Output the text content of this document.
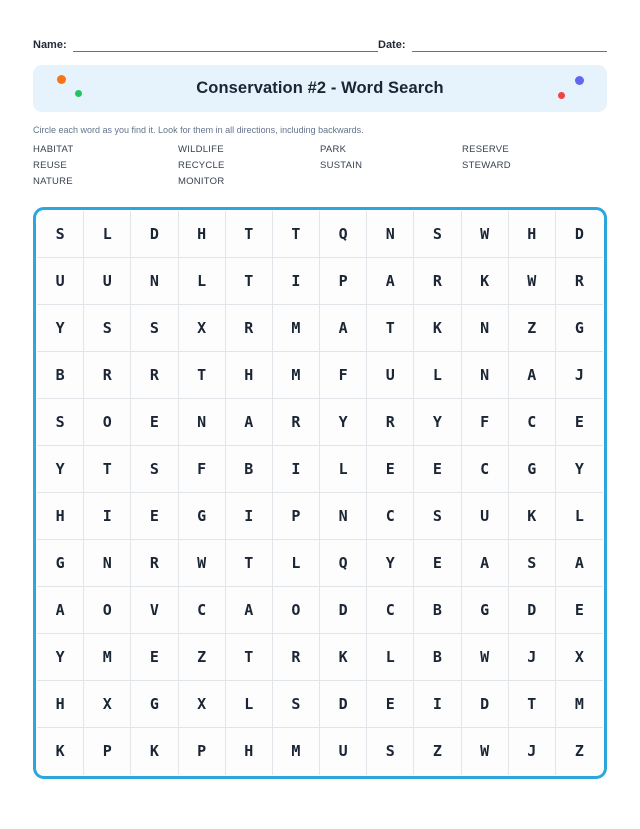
Name:	Date:
Conservation #2 - Word Search
Circle each word as you find it. Look for them in all directions, including backwards.
HABITAT	WILDLIFE	PARK	RESERVE
REUSE	RECYCLE	SUSTAIN	STEWARD
NATURE	MONITOR
S	L	D	H	T	T	Q	N	S	W	H	D
U	U	N	L	T	I	P	A	R	K	W	R
Y	S	S	X	R	M	A	T	K	N	Z	G
B	R	R	T	H	M	F	U	L	N	A	J
S	O	E	N	A	R	Y	R	Y	F	C	E
Y	T	S	F	B	I	L	E	E	C	G	Y
H	I	E	G	I	P	N	C	S	U	K	L
G	N	R	W	T	L	Q	Y	E	A	S	A
A	O	V	C	A	O	D	C	B	G	D	E
Y	M	E	Z	T	R	K	L	B	W	J	X
H	X	G	X	L	S	D	E	I	D	T	M
K	P	K	P	H	M	U	S	Z	W	J	Z
